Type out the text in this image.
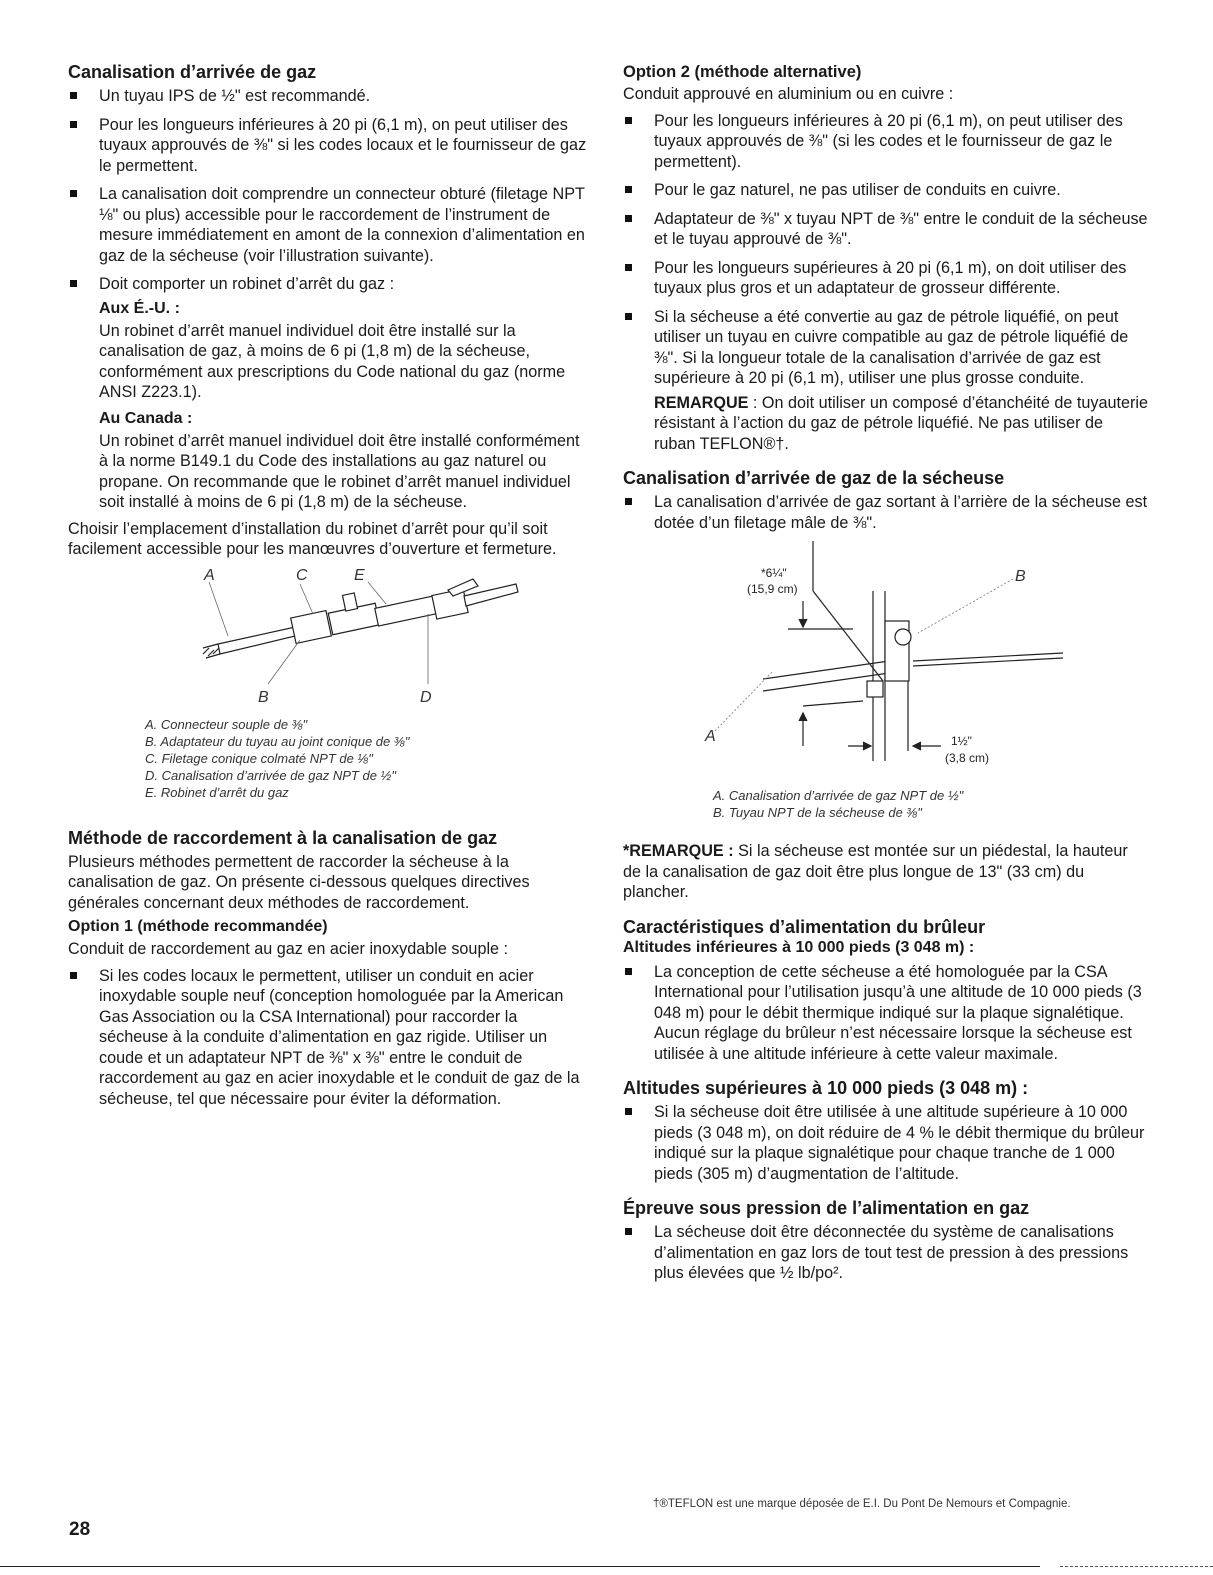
Canalisation d’arrivée de gaz
Un tuyau IPS de ½" est recommandé.
Pour les longueurs inférieures à 20 pi (6,1 m), on peut utiliser des tuyaux approuvés de ⅜" si les codes locaux et le fournisseur de gaz le permettent.
La canalisation doit comprendre un connecteur obturé (filetage NPT ⅛" ou plus) accessible pour le raccordement de l’instrument de mesure immédiatement en amont de la connexion d’alimentation en gaz de la sécheuse (voir l’illustration suivante).
Doit comporter un robinet d’arrêt du gaz :
Aux É.-U. :

Un robinet d’arrêt manuel individuel doit être installé sur la canalisation de gaz, à moins de 6 pi (1,8 m) de la sécheuse, conformément aux prescriptions du Code national du gaz (norme ANSI Z223.1).

Au Canada :

Un robinet d’arrêt manuel individuel doit être installé conformément à la norme B149.1 du Code des installations au gaz naturel ou propane. On recommande que le robinet d’arrêt manuel individuel soit installé à moins de 6 pi (1,8 m) de la sécheuse.

Choisir l’emplacement d’installation du robinet d’arrêt pour qu’il soit facilement accessible pour les manœuvres d’ouverture et fermeture.

A	C	E
B	D
A. Connecteur souple de ⅜"
B. Adaptateur du tuyau au joint conique de ⅜"
C. Filetage conique colmaté NPT de ⅛"
D. Canalisation d’arrivée de gaz NPT de ½"
E. Robinet d’arrêt du gaz
Méthode de raccordement à la canalisation de gaz

Plusieurs méthodes permettent de raccorder la sécheuse à la canalisation de gaz. On présente ci-dessous quelques directives générales concernant deux méthodes de raccordement.

Option 1 (méthode recommandée)

Conduit de raccordement au gaz en acier inoxydable souple :

Si les codes locaux le permettent, utiliser un conduit en acier inoxydable souple neuf (conception homologuée par la American Gas Association ou la CSA International) pour raccorder la sécheuse à la conduite d’alimentation en gaz rigide. Utiliser un coude et un adaptateur NPT de ⅜" x ⅜" entre le conduit de raccordement au gaz en acier inoxydable et le conduit de gaz de la sécheuse, tel que nécessaire pour éviter la déformation.
Option 2 (méthode alternative)

Conduit approuvé en aluminium ou en cuivre :

Pour les longueurs inférieures à 20 pi (6,1 m), on peut utiliser des tuyaux approuvés de ⅜" (si les codes et le fournisseur de gaz le permettent).
Pour le gaz naturel, ne pas utiliser de conduits en cuivre.
Adaptateur de ⅜" x tuyau NPT de ⅜" entre le conduit de la sécheuse et le tuyau approuvé de ⅜".
Pour les longueurs supérieures à 20 pi (6,1 m), on doit utiliser des tuyaux plus gros et un adaptateur de grosseur différente.
Si la sécheuse a été convertie au gaz de pétrole liquéfié, on peut utiliser un tuyau en cuivre compatible au gaz de pétrole liquéfié de ⅜". Si la longueur totale de la canalisation d’arrivée de gaz est supérieure à 20 pi (6,1 m), utiliser une plus grosse conduite.

REMARQUE : On doit utiliser un composé d’étanchéité de tuyauterie résistant à l’action du gaz de pétrole liquéfié. Ne pas utiliser de ruban TEFLON®†.

Canalisation d’arrivée de gaz de la sécheuse
La canalisation d’arrivée de gaz sortant à l’arrière de la sécheuse est dotée d’un filetage mâle de ⅜".
*6¼"
(15,9 cm)
1½"
(3,8 cm)
A
B
A. Canalisation d’arrivée de gaz NPT de ½"
B. Tuyau NPT de la sécheuse de ⅜"

*REMARQUE : Si la sécheuse est montée sur un piédestal, la hauteur de la canalisation de gaz doit être plus longue de 13" (33 cm) du plancher.

Caractéristiques d’alimentation du brûleur
Altitudes inférieures à 10 000 pieds (3 048 m) :
La conception de cette sécheuse a été homologuée par la CSA International pour l’utilisation jusqu’à une altitude de 10 000 pieds (3 048 m) pour le débit thermique indiqué sur la plaque signalétique. Aucun réglage du brûleur n’est nécessaire lorsque la sécheuse est utilisée à une altitude inférieure à cette valeur maximale.
Altitudes supérieures à 10 000 pieds (3 048 m) :
Si la sécheuse doit être utilisée à une altitude supérieure à 10 000 pieds (3 048 m), on doit réduire de 4 % le débit thermique du brûleur indiqué sur la plaque signalétique pour chaque tranche de 1 000 pieds (305 m) d’augmentation de l’altitude.
Épreuve sous pression de l’alimentation en gaz
La sécheuse doit être déconnectée du système de canalisations d’alimentation en gaz lors de tout test de pression à des pressions plus élevées que ½ lb/po².
†®TEFLON est une marque déposée de E.I. Du Pont De Nemours et Compagnie.
28
